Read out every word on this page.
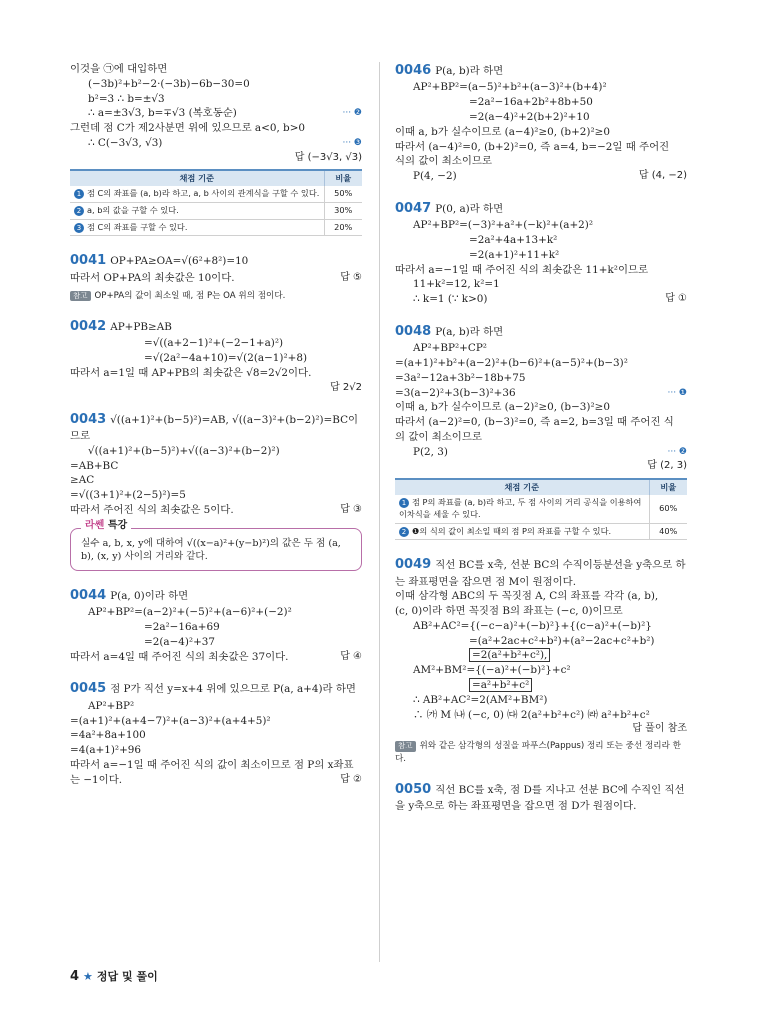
이것을 ㉠에 대입하면
(−3b)²+b²−2·(−3b)−6b−30=0
b²=3 ∴ b=±√3
∴ a=±3√3, b=∓√3 (복호동순)	··· ❷
그런데 점 C가 제2사분면 위에 있으므로 a<0, b>0
∴ C(−3√3, √3)	··· ❸
답 (−3√3, √3)
채점 기준	비율
1 점 C의 좌표를 (a, b)라 하고, a, b 사이의 관계식을 구할 수 있다.	50%
2 a, b의 값을 구할 수 있다.	30%
3 점 C의 좌표를 구할 수 있다.	20%
0041 OP+PA≥OA=√(6²+8²)=10
따라서 OP+PA의 최솟값은 10이다.	답 ⑤
참고 OP+PA의 값이 최소일 때, 점 P는 OA 위의 점이다.
0042 AP+PB≥AB
=√((a+2−1)²+(−2−1+a)²)
=√(2a²−4a+10)=√(2(a−1)²+8)
따라서 a=1일 때 AP+PB의 최솟값은 √8=2√2이다.
답 2√2
0043 √((a+1)²+(b−5)²)=AB, √((a−3)²+(b−2)²)=BC이
므로
√((a+1)²+(b−5)²)+√((a−3)²+(b−2)²)
=AB+BC
≥AC
=√((3+1)²+(2−5)²)=5
따라서 주어진 식의 최솟값은 5이다.	답 ③
라쎈 특강
실수 a, b, x, y에 대하여 √((x−a)²+(y−b)²)의 값은 두 점 (a, b), (x, y) 사이의 거리와 같다.
0044 P(a, 0)이라 하면
AP²+BP²=(a−2)²+(−5)²+(a−6)²+(−2)²
=2a²−16a+69
=2(a−4)²+37
따라서 a=4일 때 주어진 식의 최솟값은 37이다.	답 ④
0045 점 P가 직선 y=x+4 위에 있으므로 P(a, a+4)라 하면
AP²+BP²
=(a+1)²+(a+4−7)²+(a−3)²+(a+4+5)²
=4a²+8a+100
=4(a+1)²+96
따라서 a=−1일 때 주어진 식의 값이 최소이므로 점 P의 x좌표
는 −1이다.	답 ②
0046 P(a, b)라 하면
AP²+BP²=(a−5)²+b²+(a−3)²+(b+4)²
=2a²−16a+2b²+8b+50
=2(a−4)²+2(b+2)²+10
이때 a, b가 실수이므로 (a−4)²≥0, (b+2)²≥0
따라서 (a−4)²=0, (b+2)²=0, 즉 a=4, b=−2일 때 주어진
식의 값이 최소이므로
P(4, −2)	답 (4, −2)
0047 P(0, a)라 하면
AP²+BP²=(−3)²+a²+(−k)²+(a+2)²
=2a²+4a+13+k²
=2(a+1)²+11+k²
따라서 a=−1일 때 주어진 식의 최솟값은 11+k²이므로
11+k²=12, k²=1
∴ k=1 (∵ k>0)	답 ①
0048 P(a, b)라 하면
AP²+BP²+CP²
=(a+1)²+b²+(a−2)²+(b−6)²+(a−5)²+(b−3)²
=3a²−12a+3b²−18b+75
=3(a−2)²+3(b−3)²+36	··· ❶
이때 a, b가 실수이므로 (a−2)²≥0, (b−3)²≥0
따라서 (a−2)²=0, (b−3)²=0, 즉 a=2, b=3일 때 주어진 식
의 값이 최소이므로
P(2, 3)	··· ❷
답 (2, 3)
채점 기준	비율
1 점 P의 좌표를 (a, b)라 하고, 두 점 사이의 거리 공식을 이용하여 이차식을 세울 수 있다.	60%
2 ❶의 식의 값이 최소일 때의 점 P의 좌표를 구할 수 있다.	40%
0049 직선 BC를 x축, 선분 BC의 수직이등분선을 y축으로 하
는 좌표평면을 잡으면 점 M이 원점이다.
이때 삼각형 ABC의 두 꼭짓점 A, C의 좌표를 각각 (a, b),
(c, 0)이라 하면 꼭짓점 B의 좌표는 (−c, 0)이므로
AB²+AC²={(−c−a)²+(−b)²}+{(c−a)²+(−b)²}
=(a²+2ac+c²+b²)+(a²−2ac+c²+b²)
=2(a²+b²+c²),
AM²+BM²={(−a)²+(−b)²}+c²
=a²+b²+c²
∴ AB²+AC²=2(AM²+BM²)
∴ ㈎ M ㈏ (−c, 0) ㈐ 2(a²+b²+c²) ㈑ a²+b²+c²
답 풀이 참조
참고 위와 같은 삼각형의 성질을 파푸스(Pappus) 정리 또는 중선 정리라 한다.
0050 직선 BC를 x축, 점 D를 지나고 선분 BC에 수직인 직선
을 y축으로 하는 좌표평면을 잡으면 점 D가 원점이다.
4 ★ 정답 및 풀이
